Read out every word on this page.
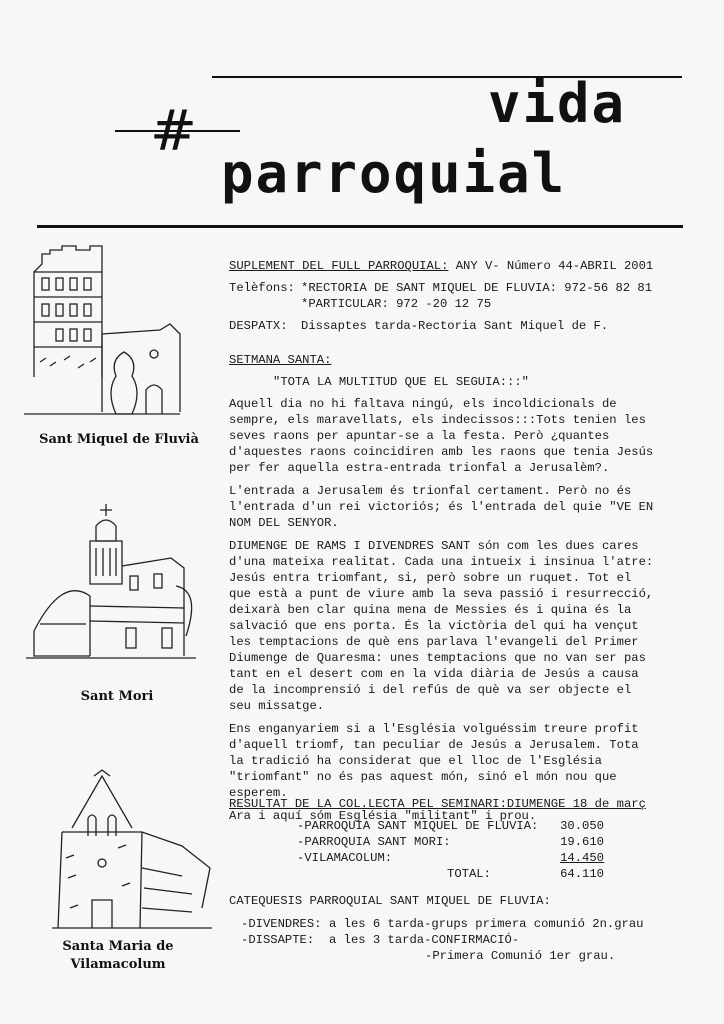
#	vida
parroquial
Sant Miquel de Fluvià
Sant Mori
Santa Maria de
Vilamacolum

SUPLEMENT DEL FULL PARROQUIAL: ANY V- Número 44-ABRIL 2001

Telèfons: *RECTORIA DE SANT MIQUEL DE FLUVIA: 972-56 82 81
*PARTICULAR: 972 -20 12 75
DESPATX:	Dissaptes tarda-Rectoria Sant Miquel de F.

SETMANA SANTA:

"TOTA LA MULTITUD QUE EL SEGUIA:::"

Aquell dia no hi faltava ningú, els incoldicionals de sempre, els maravellats, els indecissos:::Tots tenien les seves raons per apuntar-se a la festa. Però ¿quantes d'aquestes raons coincidiren amb les raons que tenia Jesús per fer aquella estra-entrada trionfal a Jerusalèm?.

L'entrada a Jerusalem és trionfal certament. Però no és l'entrada d'un rei victoriós; és l'entrada del quie "VE EN NOM DEL SENYOR.

DIUMENGE DE RAMS I DIVENDRES SANT són com les dues cares d'una mateixa realitat. Cada una intueix i insinua l'atre: Jesús entra triomfant, si, però sobre un ruquet. Tot el que està a punt de viure amb la seva passió i resurrecció, deixarà ben clar quina mena de Messies és i quina és la salvació que ens porta. És la victòria del qui ha vençut les temptacions de què ens parlava l'evangeli del Primer Diumenge de Quaresma: unes temptacions que no van ser pas tant en el desert com en la vida diària de Jesús a causa de la incomprensió i del refús de què va ser objecte el seu missatge.

Ens enganyariem si a l'Església volguéssim treure profit d'aquell triomf, tan peculiar de Jesús a Jerusalem. Tota la tradició ha considerat que el lloc de l'Església "triomfant" no és pas aquest món, sinó el món nou que esperem.

Ara i aquí sóm Església "militant" i prou.

RESULTAT DE LA COL.LECTA PEL SEMINARI:DIUMENGE 18 de març

-PARROQUIA SANT MIQUEL DE FLUVIA:	30.050
-PARROQUIA SANT MORI:	19.610
-VILAMACOLUM:	14.450
TOTAL:	64.110

CATEQUESIS PARROQUIAL SANT MIQUEL DE FLUVIA:

-DIVENDRES: a les 6 tarda-grups primera comunió 2n.grau
-DISSAPTE:	a les 3 tarda-CONFIRMACIÓ-
-Primera Comunió 1er grau.
